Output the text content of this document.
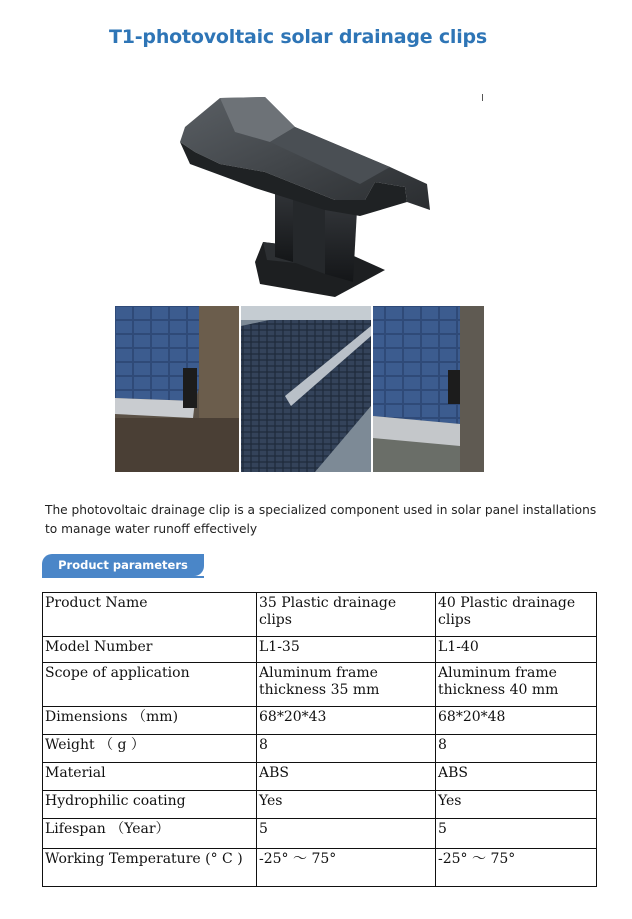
T1-photovoltaic solar drainage clips
The photovoltaic drainage clip is a specialized component used in solar panel installations to manage water runoff effectively
Product parameters
Product Name	35 Plastic drainage clips	40 Plastic drainage clips
Model Number	L1-35	L1-40
Scope of application	Aluminum frame thickness 35 mm	Aluminum frame thickness 40 mm
Dimensions （mm)	68*20*43	68*20*48
Weight （ g ）	8	8
Material	ABS	ABS
Hydrophilic coating	Yes	Yes
Lifespan （Year）	5	5
Working Temperature (° C )	-25° ～ 75°	-25° ～ 75°
